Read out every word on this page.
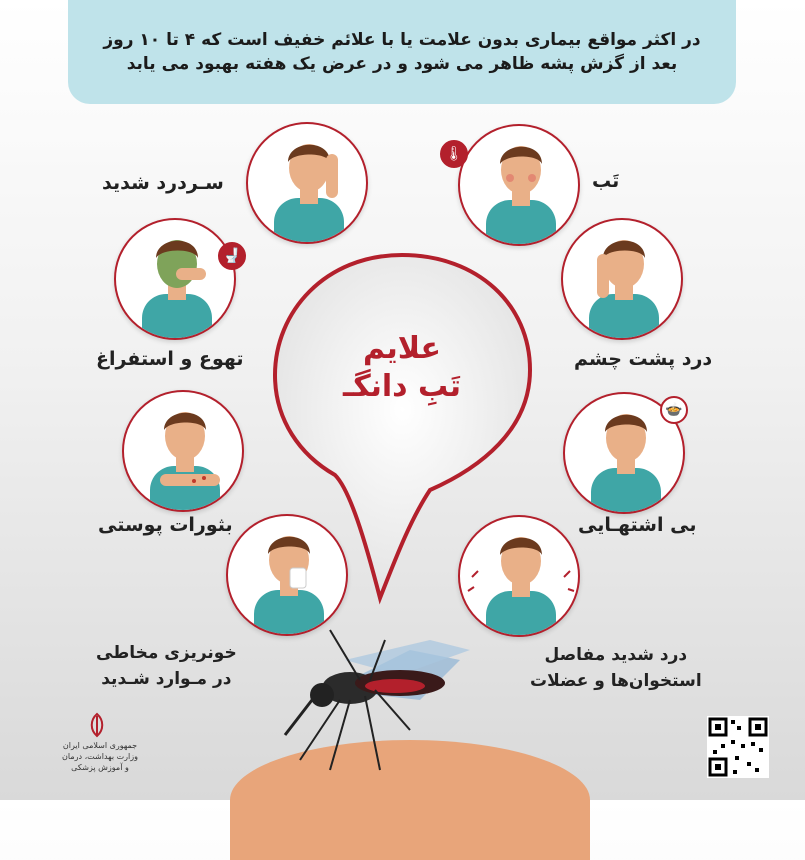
در اکثر مواقع بیماری بدون علامت یا با علائم خفیف است که ۴ تا ۱۰ روز

بعد از گزش پشه ظاهر می شود و در عرض یک هفته بهبود می یابد

علایم
تَبِ دانگـ
🌡
تَب
سـردرد شدید
درد پشت چشم
🚽
تهوع و استفراغ
🍲
بی اشتهـایی
بثورات پوستی
درد شدید مفاصل
استخوان‌ها و عضلات
خونریزی مخاطی
در مـوارد شـدید
جمهوری اسلامی ایران
وزارت بهداشت، درمان و آموزش پزشکی
